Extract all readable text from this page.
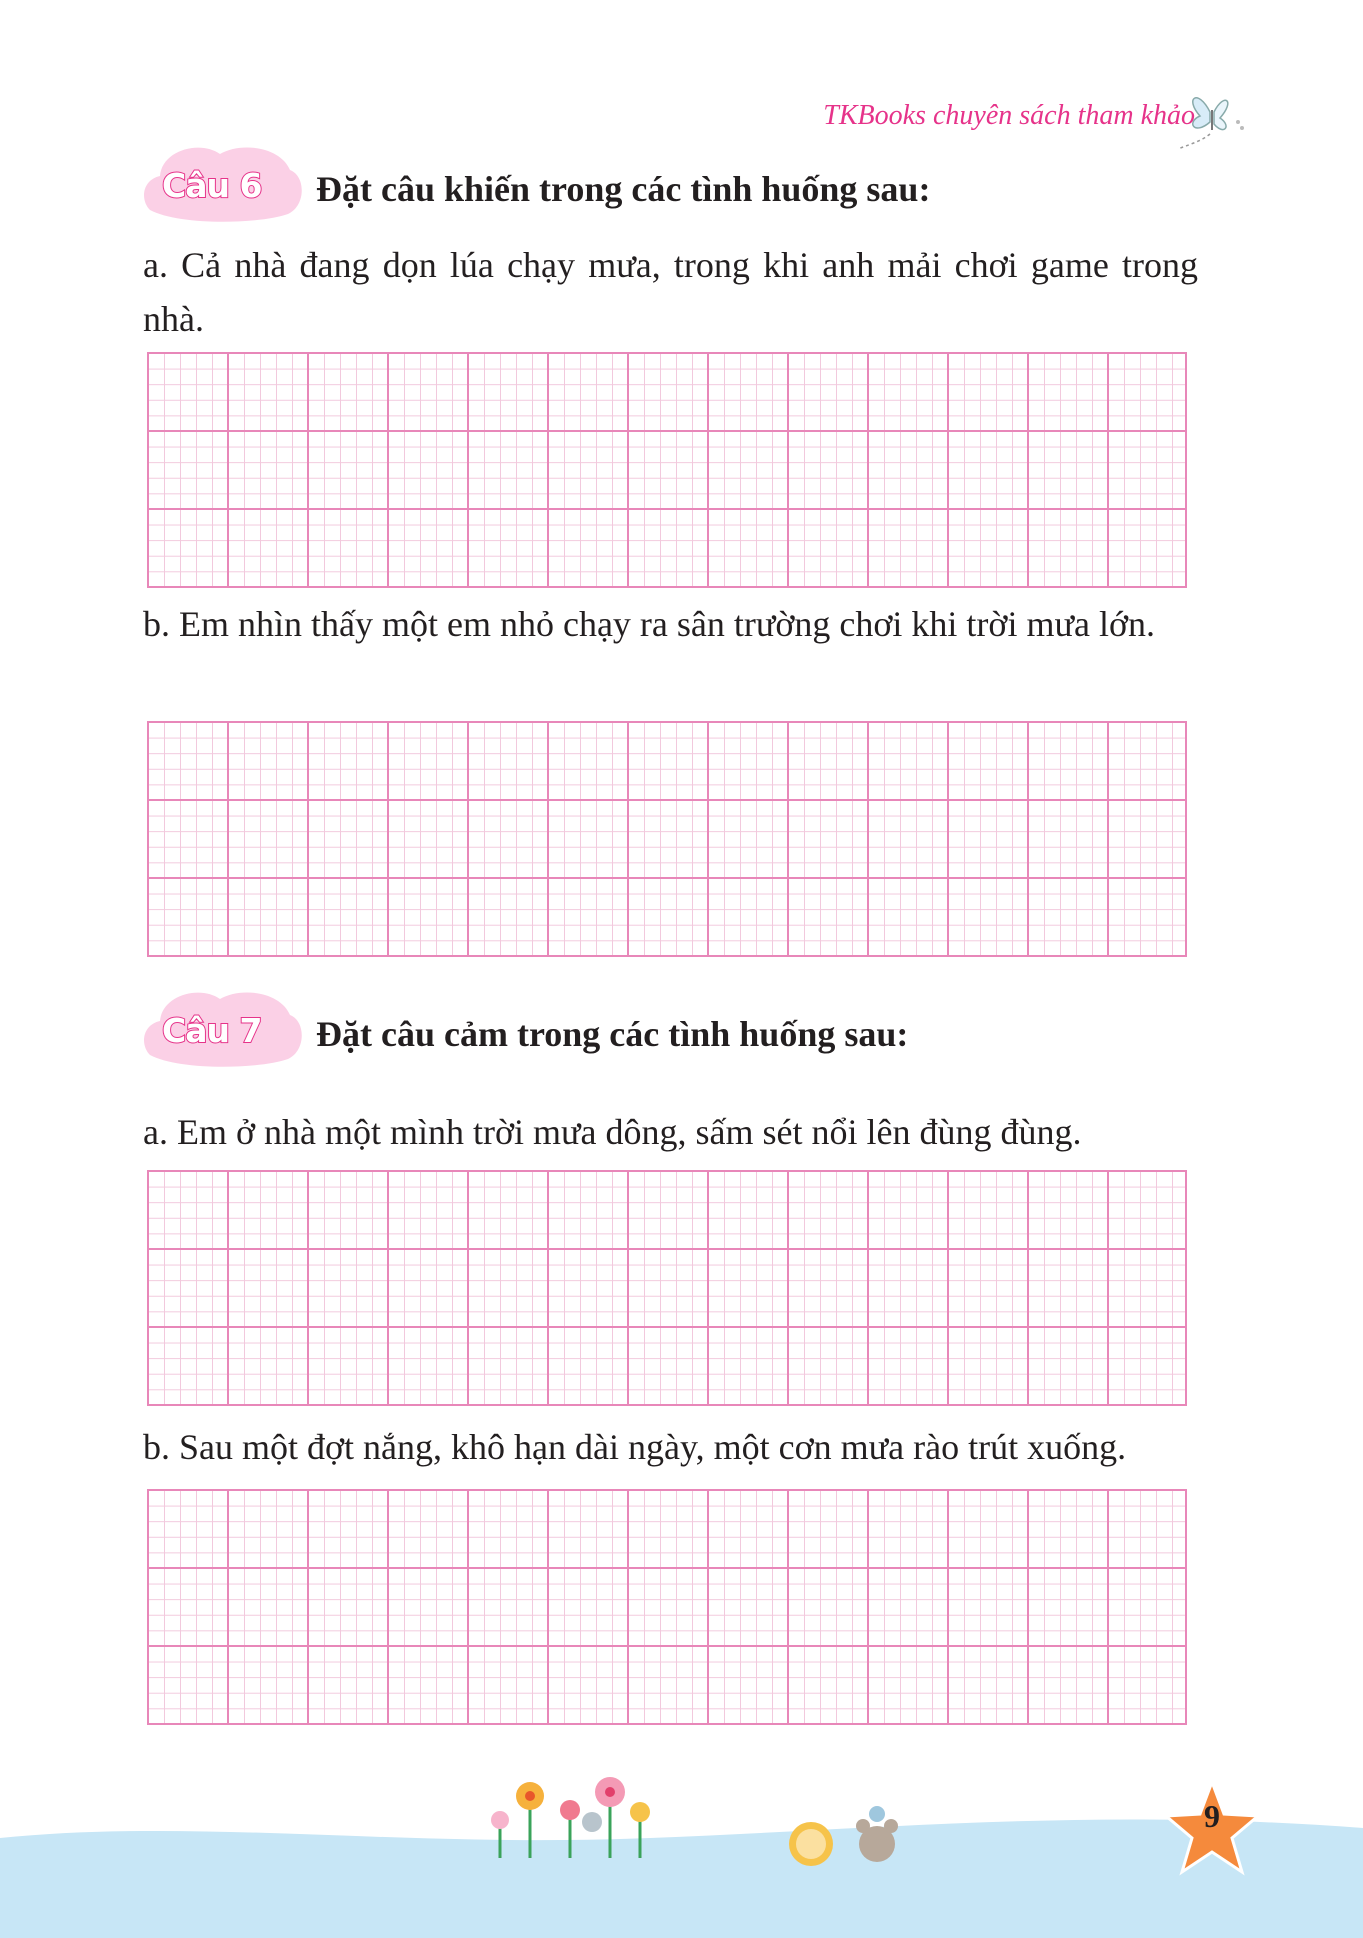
TKBooks chuyên sách tham khảo
Câu 6 Đặt câu khiến trong các tình huống sau:
a. Cả nhà đang dọn lúa chạy mưa, trong khi anh mải chơi game trong nhà.
b. Em nhìn thấy một em nhỏ chạy ra sân trường chơi khi trời mưa lớn.
Câu 7 Đặt câu cảm trong các tình huống sau:
a. Em ở nhà một mình trời mưa dông, sấm sét nổi lên đùng đùng.
b. Sau một đợt nắng, khô hạn dài ngày, một cơn mưa rào trút xuống.
9
